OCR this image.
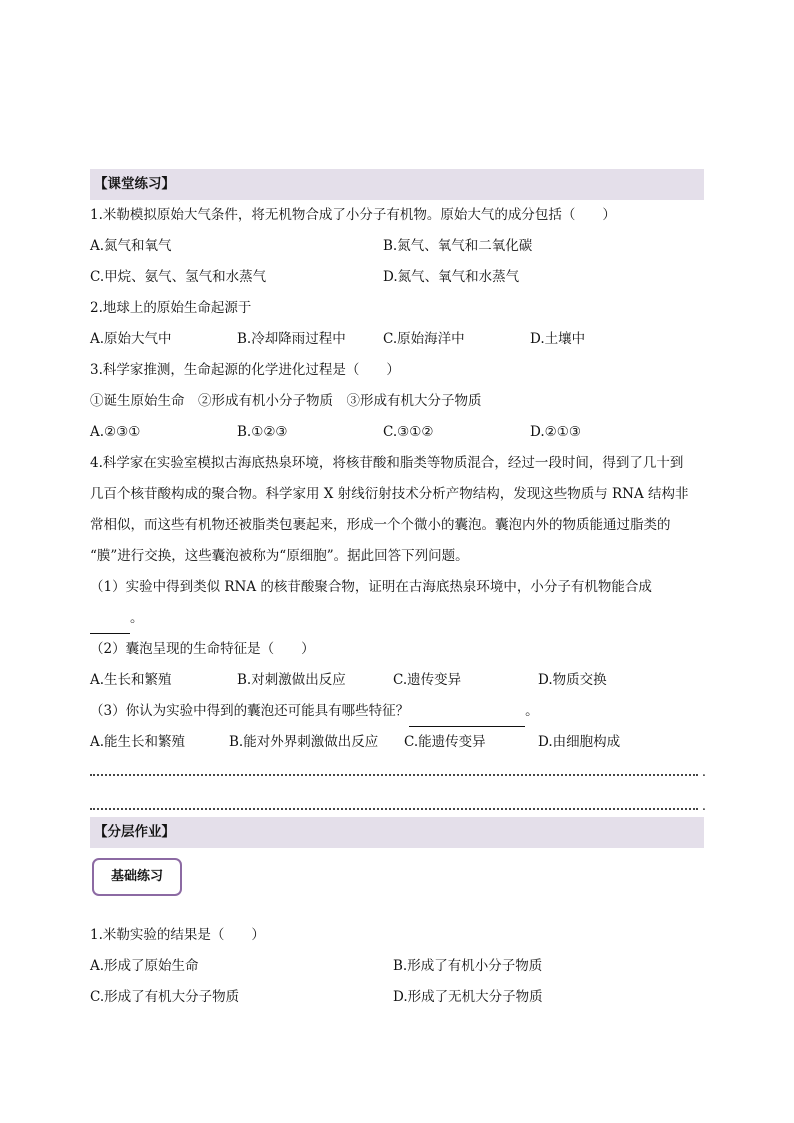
【课堂练习】
1.米勒模拟原始大气条件，将无机物合成了小分子有机物。原始大气的成分包括（　　）
A.氮气和氧气	B.氮气、氧气和二氧化碳
C.甲烷、氨气、氢气和水蒸气	D.氮气、氧气和水蒸气
2.地球上的原始生命起源于
A.原始大气中	B.冷却降雨过程中	C.原始海洋中	D.土壤中
3.科学家推测，生命起源的化学进化过程是（　　）
①诞生原始生命　②形成有机小分子物质　③形成有机大分子物质
A.②③①	B.①②③	C.③①②	D.②①③
4.科学家在实验室模拟古海底热泉环境，将核苷酸和脂类等物质混合，经过一段时间，得到了几十到
几百个核苷酸构成的聚合物。科学家用 X 射线衍射技术分析产物结构，发现这些物质与 RNA 结构非
常相似，而这些有机物还被脂类包裹起来，形成一个个微小的囊泡。囊泡内外的物质能通过脂类的
“膜”进行交换，这些囊泡被称为“原细胞”。据此回答下列问题。
（1）实验中得到类似 RNA 的核苷酸聚合物，证明在古海底热泉环境中，小分子有机物能合成
。
（2）囊泡呈现的生命特征是（　　）
A.生长和繁殖	B.对刺激做出反应	C.遗传变异	D.物质交换
（3）你认为实验中得到的囊泡还可能具有哪些特征？	。
A.能生长和繁殖	B.能对外界刺激做出反应 C.能遗传变异	D.由细胞构成
.
.
【分层作业】
基础练习
1.米勒实验的结果是（　　）
A.形成了原始生命	B.形成了有机小分子物质
C.形成了有机大分子物质	D.形成了无机大分子物质
